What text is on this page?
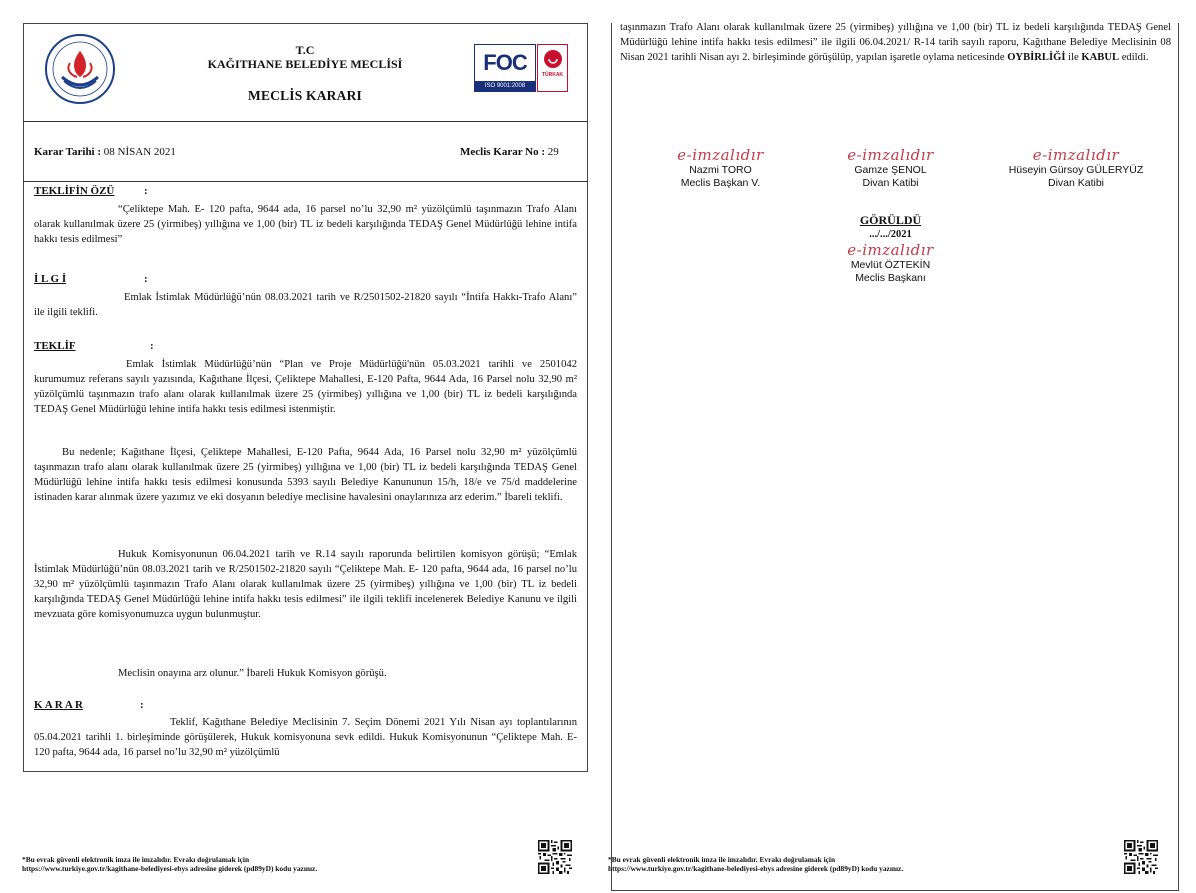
T.C
KAĞITHANE BELEDİYE MECLİSİ
MECLİS KARARI
FOC
ISO 9001:2008
TÜRKAK
Karar Tarihi : 08 NİSAN 2021	Meclis Karar No : 29
TEKLİFİN ÖZÜ	:
“Çeliktepe Mah. E- 120 pafta, 9644 ada, 16 parsel no’lu 32,90 m² yüzölçümlü taşınmazın Trafo Alanı olarak kullanılmak üzere 25 (yirmibeş) yıllığına ve 1,00 (bir) TL iz bedeli karşılığında TEDAŞ Genel Müdürlüğü lehine intifa hakkı tesis edilmesi”
İ L G İ	:
Emlak İstimlak Müdürlüğü’nün 08.03.2021 tarih ve R/2501502-21820 sayılı “İntifa Hakkı-Trafo Alanı” ile ilgili teklifi.
TEKLİF	:
Emlak İstimlak Müdürlüğü’nün “Plan ve Proje Müdürlüğü'nün 05.03.2021 tarihli ve 2501042 kurumumuz referans sayılı yazısında, Kağıthane İlçesi, Çeliktepe Mahallesi, E-120 Pafta, 9644 Ada, 16 Parsel nolu 32,90 m² yüzölçümlü taşınmazın trafo alanı olarak kullanılmak üzere 25 (yirmibeş) yıllığına ve 1,00 (bir) TL iz bedeli karşılığında TEDAŞ Genel Müdürlüğü lehine intifa hakkı tesis edilmesi istenmiştir.
Bu nedenle; Kağıthane İlçesi, Çeliktepe Mahallesi, E-120 Pafta, 9644 Ada, 16 Parsel nolu 32,90 m² yüzölçümlü taşınmazın trafo alanı olarak kullanılmak üzere 25 (yirmibeş) yıllığına ve 1,00 (bir) TL iz bedeli karşılığında TEDAŞ Genel Müdürlüğü lehine intifa hakkı tesis edilmesi konusunda 5393 sayılı Belediye Kanununun 15/h, 18/e ve 75/d maddelerine istinaden karar alınmak üzere yazımız ve eki dosyanın belediye meclisine havalesini onaylarınıza arz ederim.” İbareli teklifi.
Hukuk Komisyonunun 06.04.2021 tarih ve R.14 sayılı raporunda belirtilen komisyon görüşü; “Emlak İstimlak Müdürlüğü’nün 08.03.2021 tarih ve R/2501502-21820 sayılı “Çeliktepe Mah. E- 120 pafta, 9644 ada, 16 parsel no’lu 32,90 m² yüzölçümlü taşınmazın Trafo Alanı olarak kullanılmak üzere 25 (yirmibeş) yıllığına ve 1,00 (bir) TL iz bedeli karşılığında TEDAŞ Genel Müdürlüğü lehine intifa hakkı tesis edilmesi” ile ilgili teklifi incelenerek Belediye Kanunu ve ilgili mevzuata göre komisyonumuzca uygun bulunmuştur.
Meclisin onayına arz olunur.” İbareli Hukuk Komisyon görüşü.
K A R A R	:
Teklif, Kağıthane Belediye Meclisinin 7. Seçim Dönemi 2021 Yılı Nisan ayı toplantılarının 05.04.2021 tarihli 1. birleşiminde görüşülerek, Hukuk komisyonuna sevk edildi. Hukuk Komisyonunun “Çeliktepe Mah. E- 120 pafta, 9644 ada, 16 parsel no’lu 32,90 m² yüzölçümlü
*Bu evrak güvenli elektronik imza ile imzalıdır. Evrakı doğrulamak için
https://www.turkiye.gov.tr/kagithane-belediyesi-ebys adresine giderek (pd89yD) kodu yazınız.
taşınmazın Trafo Alanı olarak kullanılmak üzere 25 (yirmibeş) yıllığına ve 1,00 (bir) TL iz bedeli karşılığında TEDAŞ Genel Müdürlüğü lehine intifa hakkı tesis edilmesi” ile ilgili 06.04.2021/ R-14 tarih sayılı raporu, Kağıthane Belediye Meclisinin 08 Nisan 2021 tarihli Nisan ayı 2. birleşiminde görüşülüp, yapılan işaretle oylama neticesinde OYBİRLİĞİ ile KABUL edildi.
e-imzalıdır
Nazmi TORO
Meclis Başkan V.
e-imzalıdır
Gamze ŞENOL
Divan Katibi
e-imzalıdır
Hüseyin Gürsoy GÜLERYÜZ
Divan Katibi
GÖRÜLDÜ
.../.../2021
e-imzalıdır
Mevlüt ÖZTEKİN
Meclis Başkanı
*Bu evrak güvenli elektronik imza ile imzalıdır. Evrakı doğrulamak için
https://www.turkiye.gov.tr/kagithane-belediyesi-ebys adresine giderek (pd89yD) kodu yazınız.
